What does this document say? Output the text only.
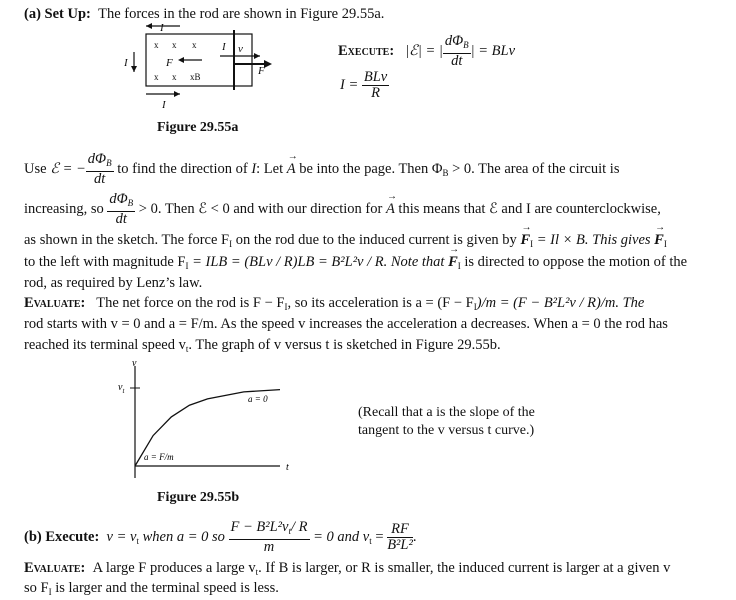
(a) Set Up: The forces in the rod are shown in Figure 29.55a.
x x x
x x xB
I
I
I	F
v
F
I
Figure 29.55a
Execute: |ℰ| = | $\frac{d\Phi_B}{dt}$ | = BLv
$I = \frac{\text{BLv}}{R}$
Use ℰ = − $\frac{d\Phi_B}{dt}$ to find the direction of I: Let → A be into the page. Then $\Phi_B > 0$. The area of the circuit is
increasing, so $\frac{d\Phi_B}{dt} > 0$. Then ℰ < 0 and with our direction for → A this means that ℰ and I are counterclockwise,
as shown in the sketch. The force $F_I$ on the rod due to the induced current is given by → $F_I = Il \times B$. This gives → $F_I$
to the left with magnitude $F_I$ = ILB = (BLv / R)LB = B²L²v / R. Note that → $F_I$ is directed to oppose the motion of the
rod, as required by Lenz’s law.
Evaluate: The net force on the rod is $F - F_I$, so its acceleration is $a = (F - F_I)/m = (F - B^2L^2v / R)/m$. The
rod starts with v = 0 and a = F/m. As the speed v increases the acceleration a decreases. When a = 0 the rod has
reached its terminal speed $v_t$. The graph of v versus t is sketched in Figure 29.55b.
v
t
$v_t$
a = 0
a = F/m
Figure 29.55b
(Recall that a is the slope of the tangent to the v versus t curve.)
(b) Execute: $v = v_t$ when a = 0 so $\frac{F - B^2L^2v_t/ R}{m} = 0$ and $v_t = \frac{RF}{\text{B²L²}}$ .
Evaluate: A large F produces a large $v_t$. If B is larger, or R is smaller, the induced current is larger at a given v
so $F_I$ is larger and the terminal speed is less.
